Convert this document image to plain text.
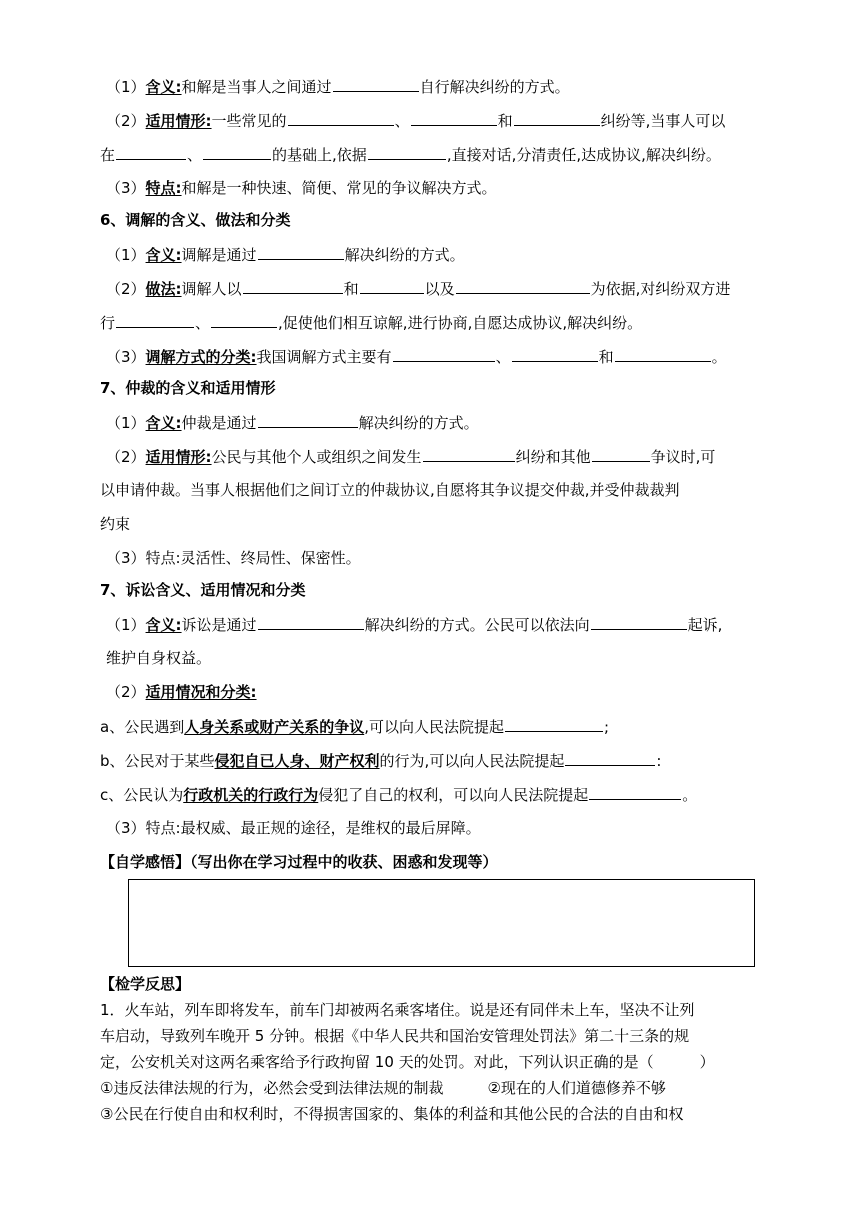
（1）含义:和解是当事人之间通过	自行解决纠纷的方式。
（2）适用情形:一些常见的	、	和	纠纷等,当事人可以
在	、	的基础上,依据	,直接对话,分清责任,达成协议,解决纠纷。
（3）特点:和解是一种快速、简便、常见的争议解决方式。
6、调解的含义、做法和分类
（1）含义:调解是通过	解决纠纷的方式。
（2）做法:调解人以	和	以及	为依据,对纠纷双方进
行	、	,促使他们相互谅解,进行协商,自愿达成协议,解决纠纷。
（3）调解方式的分类:我国调解方式主要有	、	和	。
7、仲裁的含义和适用情形
（1）含义:仲裁是通过	解决纠纷的方式。
（2）适用情形:公民与其他个人或组织之间发生	纠纷和其他	争议时,可
以申请仲裁。当事人根据他们之间订立的仲裁协议,自愿将其争议提交仲裁,并受仲裁裁判
约束
（3）特点:灵活性、终局性、保密性。
7、诉讼含义、适用情况和分类
（1）含义:诉讼是通过	解决纠纷的方式。公民可以依法向	起诉,
维护自身权益。
（2）适用情况和分类:
a、公民遇到人身关系或财产关系的争议,可以向人民法院提起	;
b、公民对于某些侵犯自已人身、财产权利的行为,可以向人民法院提起	:
c、公民认为行政机关的行政行为侵犯了自己的权利，可以向人民法院提起	。
（3）特点:最权威、最正规的途径，是维权的最后屏障。
【自学感悟】（写出你在学习过程中的收获、困惑和发现等）
【检学反思】
1．火车站，列车即将发车，前车门却被两名乘客堵住。说是还有同伴未上车，坚决不让列
车启动，导致列车晚开 5 分钟。根据《中华人民共和国治安管理处罚法》第二十三条的规
定，公安机关对这两名乘客给予行政拘留 10 天的处罚。对此，下列认识正确的是（	）
①违反法律法规的行为，必然会受到法律法规的制裁	②现在的人们道德修养不够
③公民在行使自由和权利时，不得损害国家的、集体的利益和其他公民的合法的自由和权
